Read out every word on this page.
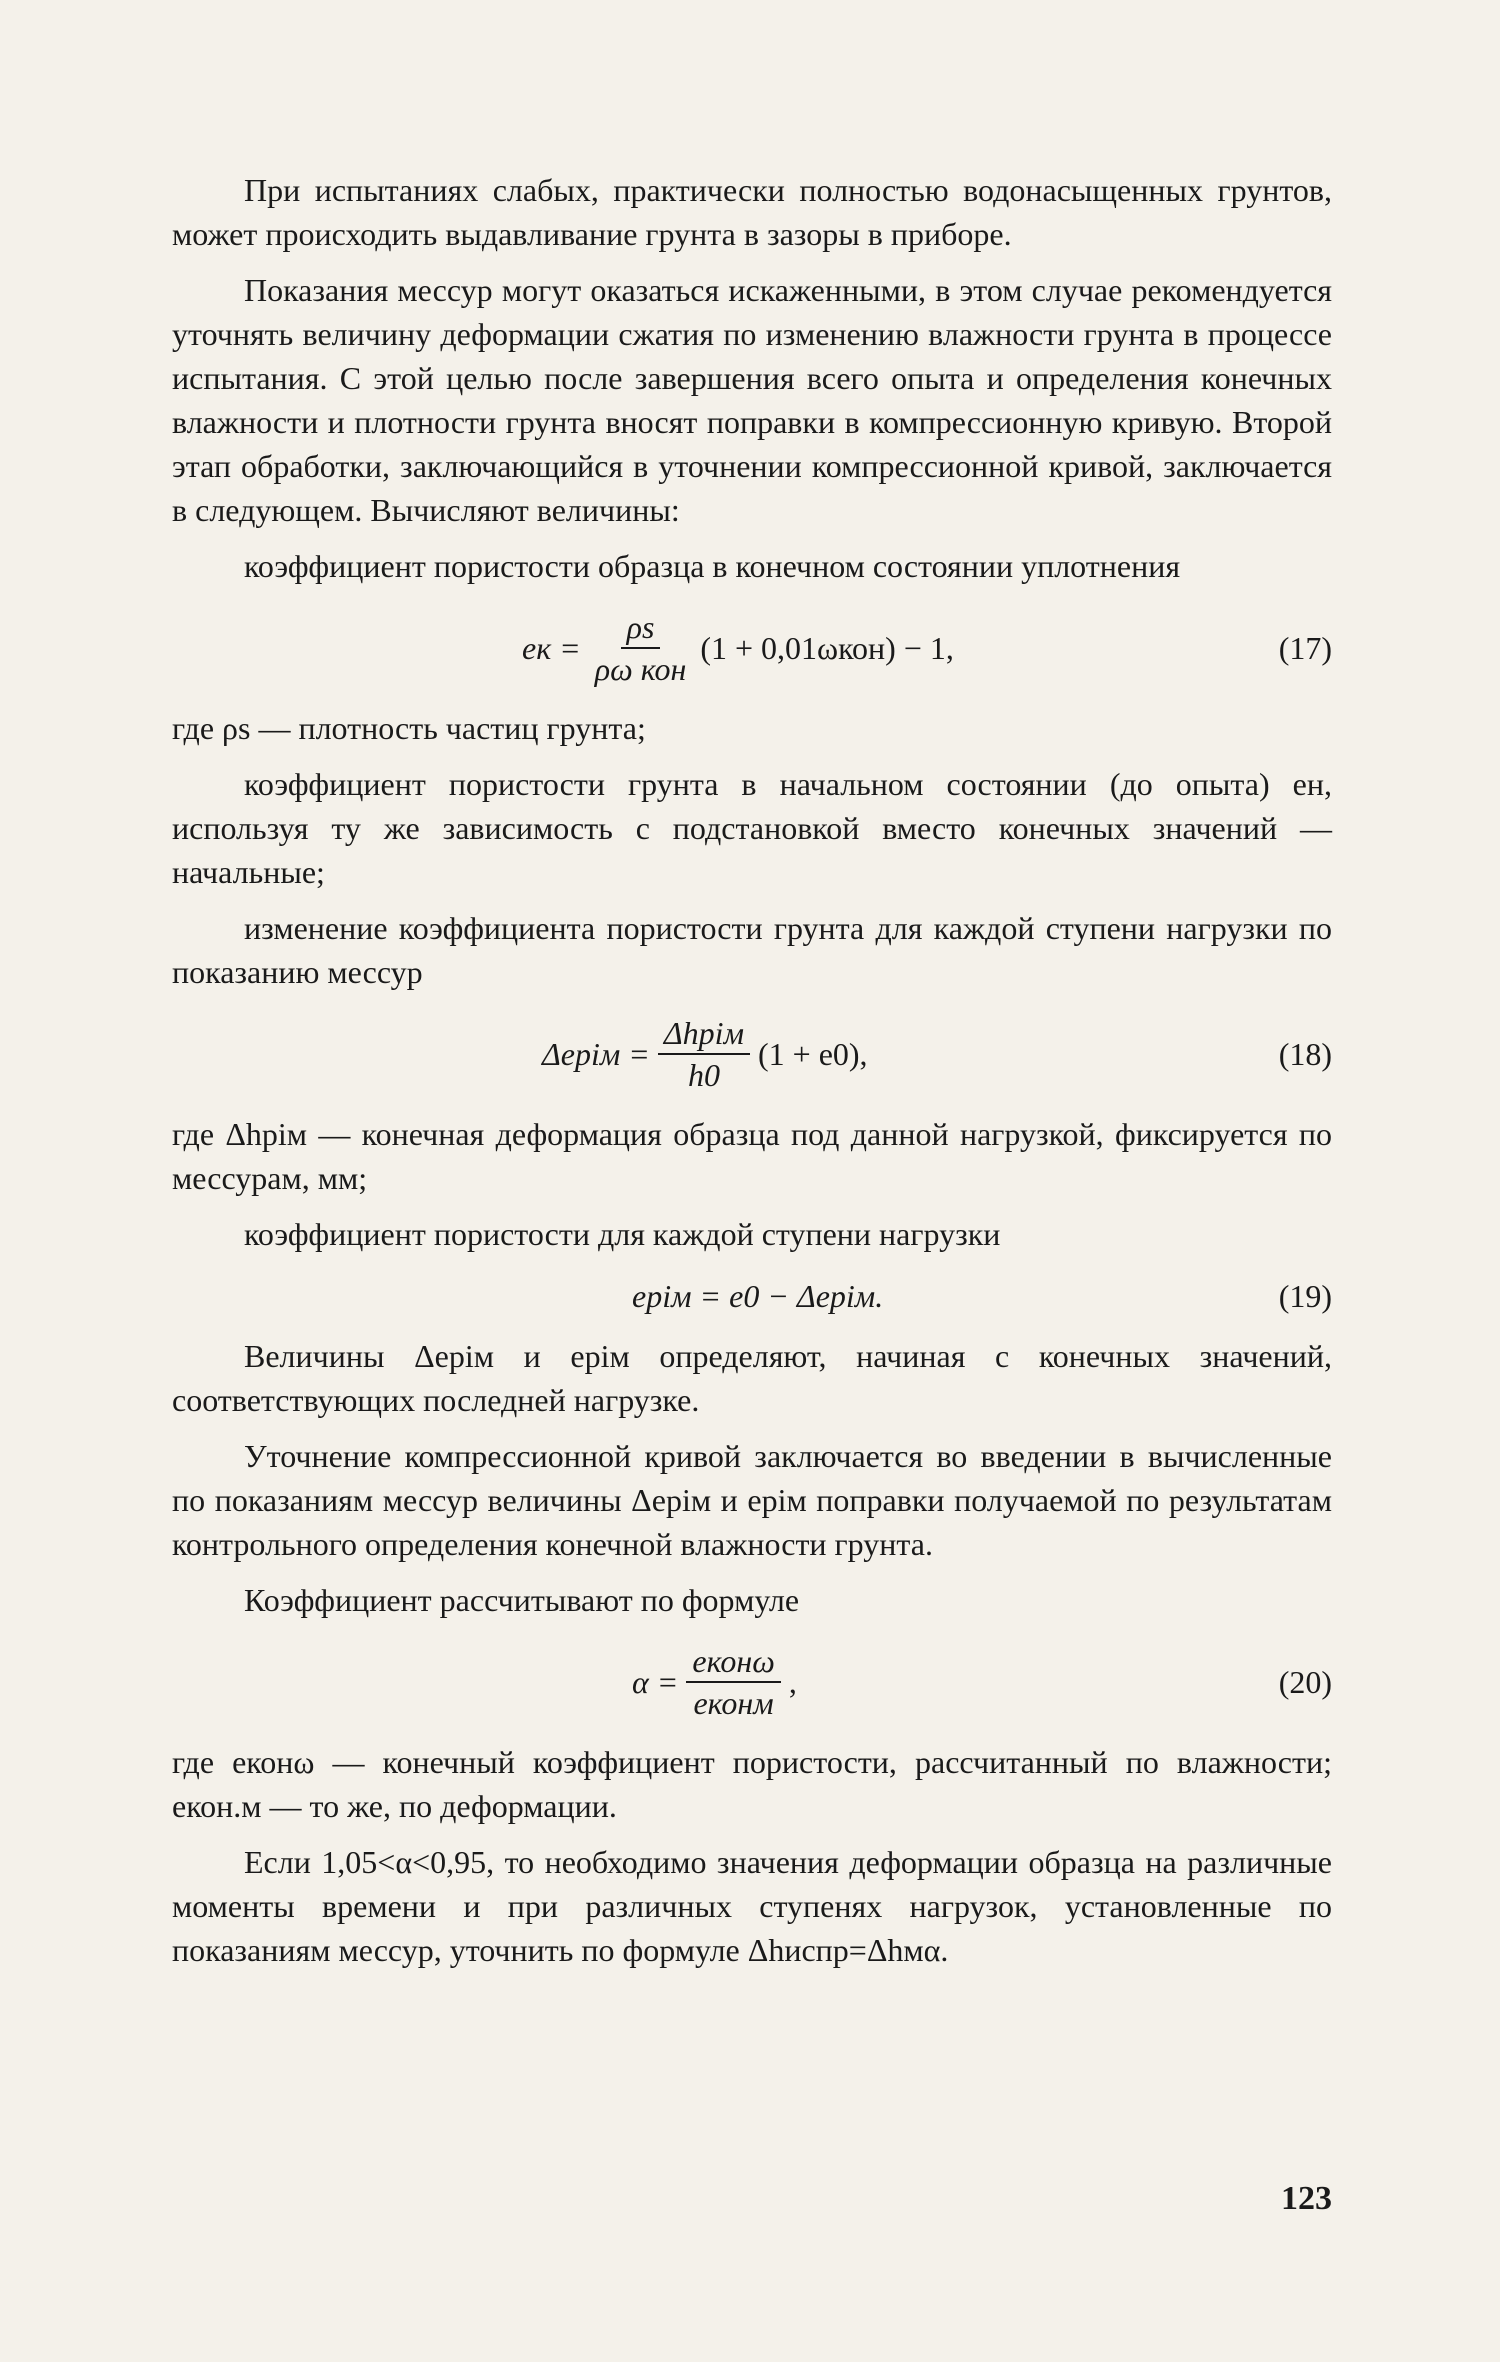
При испытаниях слабых, практически полностью водонасыщенных грунтов, может происходить выдавливание грунта в зазоры в приборе.

Показания мессур могут оказаться искаженными, в этом случае рекомендуется уточнять величину деформации сжатия по изменению влажности грунта в процессе испытания. С этой целью после завершения всего опыта и определения конечных влажности и плотности грунта вносят поправки в компрессионную кривую. Второй этап обработки, заключающийся в уточнении компрессионной кривой, заключается в следующем. Вычисляют величины:

коэффициент пористости образца в конечном состоянии уплотнения

eк = $\frac{\rho s}{\text{ρω кон}} (1 + 0,01\omega кон) - 1$,	(17)

где ρs — плотность частиц грунта;

коэффициент пористости грунта в начальном состоянии (до опыта) eн, используя ту же зависимость с подстановкой вместо конечных значений — начальные;

изменение коэффициента пористости грунта для каждой ступени нагрузки по показанию мессур

Δepiм = $\frac{\text{Δhpiм}}{h0} (1 + e0)$,	(18)

где Δhpiм — конечная деформация образца под данной нагрузкой, фиксируется по мессурам, мм;

коэффициент пористости для каждой ступени нагрузки

epiм = e0 − Δepiм.	(19)

Величины Δepiм и epiм определяют, начиная с конечных значений, соответствующих последней нагрузке.

Уточнение компрессионной кривой заключается во введении в вычисленные по показаниям мессур величины Δepiм и epiм поправки получаемой по результатам контрольного определения конечной влажности грунта.

Коэффициент рассчитывают по формуле

$\alpha = \frac{\text{eконω}}{\text{eконм}}$ ,	(20)

где eконω — конечный коэффициент пористости, рассчитанный по влажности; eкон.м — то же, по деформации.

Если 1,05<α<0,95, то необходимо значения деформации образца на различные моменты времени и при различных ступенях нагрузок, установленные по показаниям мессур, уточнить по формуле Δhиспр=Δhмα.

123
